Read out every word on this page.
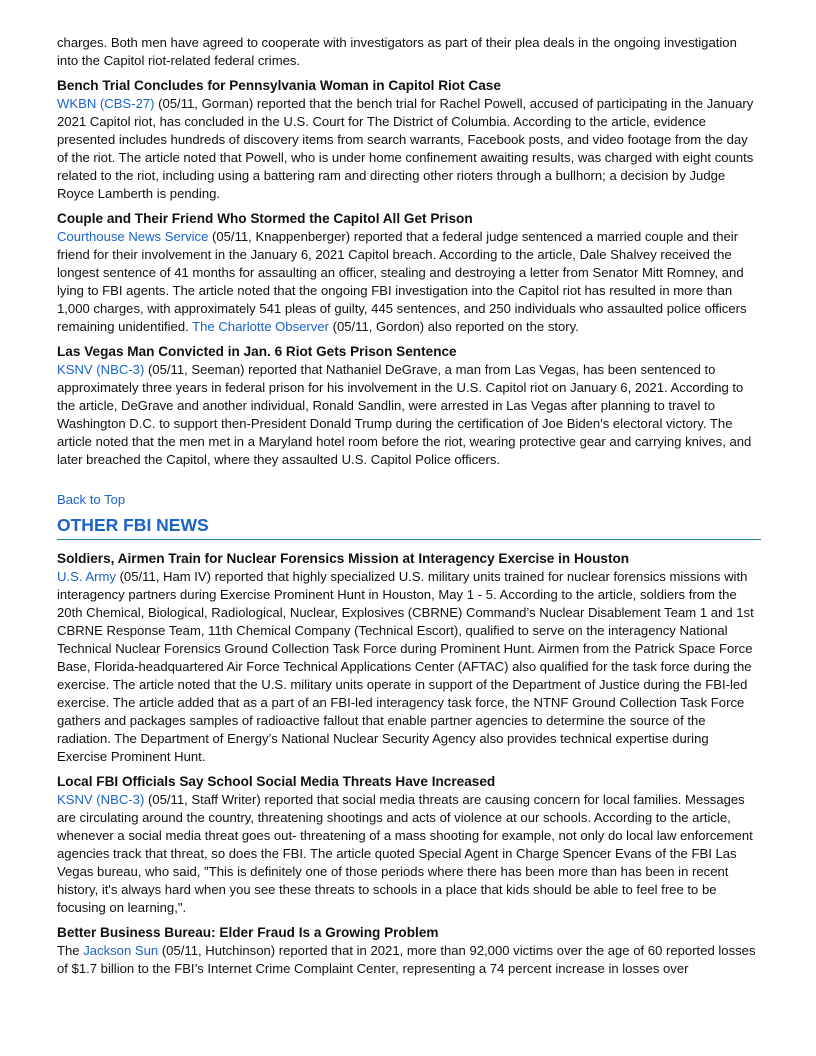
charges. Both men have agreed to cooperate with investigators as part of their plea deals in the ongoing investigation into the Capitol riot-related federal crimes.

Bench Trial Concludes for Pennsylvania Woman in Capitol Riot Case

WKBN (CBS-27) (05/11, Gorman) reported that the bench trial for Rachel Powell, accused of participating in the January 2021 Capitol riot, has concluded in the U.S. Court for The District of Columbia. According to the article, evidence presented includes hundreds of discovery items from search warrants, Facebook posts, and video footage from the day of the riot. The article noted that Powell, who is under home confinement awaiting results, was charged with eight counts related to the riot, including using a battering ram and directing other rioters through a bullhorn; a decision by Judge Royce Lamberth is pending.

Couple and Their Friend Who Stormed the Capitol All Get Prison

Courthouse News Service (05/11, Knappenberger) reported that a federal judge sentenced a married couple and their friend for their involvement in the January 6, 2021 Capitol breach. According to the article, Dale Shalvey received the longest sentence of 41 months for assaulting an officer, stealing and destroying a letter from Senator Mitt Romney, and lying to FBI agents. The article noted that the ongoing FBI investigation into the Capitol riot has resulted in more than 1,000 charges, with approximately 541 pleas of guilty, 445 sentences, and 250 individuals who assaulted police officers remaining unidentified. The Charlotte Observer (05/11, Gordon) also reported on the story.

Las Vegas Man Convicted in Jan. 6 Riot Gets Prison Sentence

KSNV (NBC-3) (05/11, Seeman) reported that Nathaniel DeGrave, a man from Las Vegas, has been sentenced to approximately three years in federal prison for his involvement in the U.S. Capitol riot on January 6, 2021. According to the article, DeGrave and another individual, Ronald Sandlin, were arrested in Las Vegas after planning to travel to Washington D.C. to support then-President Donald Trump during the certification of Joe Biden's electoral victory. The article noted that the men met in a Maryland hotel room before the riot, wearing protective gear and carrying knives, and later breached the Capitol, where they assaulted U.S. Capitol Police officers.

Back to Top
OTHER FBI NEWS

Soldiers, Airmen Train for Nuclear Forensics Mission at Interagency Exercise in Houston

U.S. Army (05/11, Ham IV) reported that highly specialized U.S. military units trained for nuclear forensics missions with interagency partners during Exercise Prominent Hunt in Houston, May 1 - 5. According to the article, soldiers from the 20th Chemical, Biological, Radiological, Nuclear, Explosives (CBRNE) Command’s Nuclear Disablement Team 1 and 1st CBRNE Response Team, 11th Chemical Company (Technical Escort), qualified to serve on the interagency National Technical Nuclear Forensics Ground Collection Task Force during Prominent Hunt. Airmen from the Patrick Space Force Base, Florida-headquartered Air Force Technical Applications Center (AFTAC) also qualified for the task force during the exercise. The article noted that the U.S. military units operate in support of the Department of Justice during the FBI-led exercise. The article added that as a part of an FBI-led interagency task force, the NTNF Ground Collection Task Force gathers and packages samples of radioactive fallout that enable partner agencies to determine the source of the radiation. The Department of Energy’s National Nuclear Security Agency also provides technical expertise during Exercise Prominent Hunt.

Local FBI Officials Say School Social Media Threats Have Increased

KSNV (NBC-3) (05/11, Staff Writer) reported that social media threats are causing concern for local families. Messages are circulating around the country, threatening shootings and acts of violence at our schools. According to the article, whenever a social media threat goes out- threatening of a mass shooting for example, not only do local law enforcement agencies track that threat, so does the FBI. The article quoted Special Agent in Charge Spencer Evans of the FBI Las Vegas bureau, who said, "This is definitely one of those periods where there has been more than has been in recent history, it's always hard when you see these threats to schools in a place that kids should be able to feel free to be focusing on learning,".

Better Business Bureau: Elder Fraud Is a Growing Problem

The Jackson Sun (05/11, Hutchinson) reported that in 2021, more than 92,000 victims over the age of 60 reported losses of $1.7 billion to the FBI’s Internet Crime Complaint Center, representing a 74 percent increase in losses over
